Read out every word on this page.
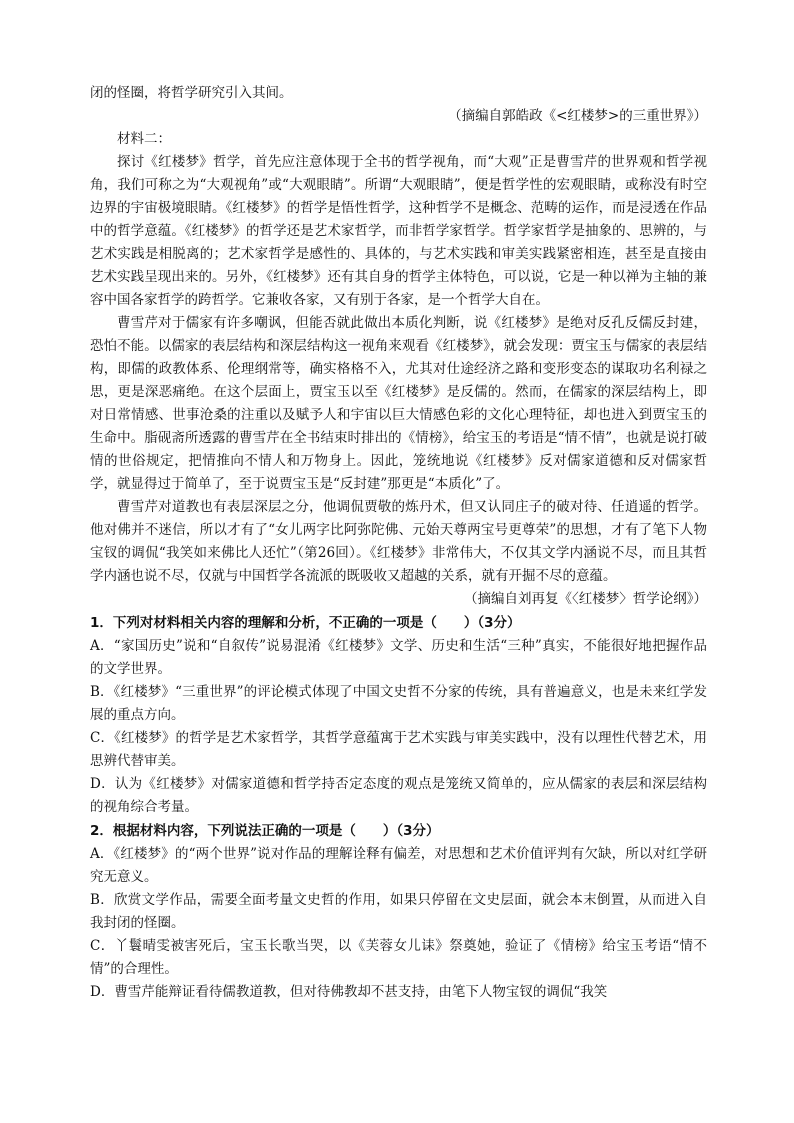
闭的怪圈，将哲学研究引入其间。

（摘编自郭皓政《<红楼梦>的三重世界》）

材料二：

探讨《红楼梦》哲学，首先应注意体现于全书的哲学视角，而“大观”正是曹雪芹的世界观和哲学视角，我们可称之为“大观视角”或“大观眼睛”。所谓“大观眼睛”，便是哲学性的宏观眼睛，或称没有时空边界的宇宙极境眼睛。《红楼梦》的哲学是悟性哲学，这种哲学不是概念、范畴的运作，而是浸透在作品中的哲学意蕴。《红楼梦》的哲学还是艺术家哲学，而非哲学家哲学。哲学家哲学是抽象的、思辨的，与艺术实践是相脱离的；艺术家哲学是感性的、具体的，与艺术实践和审美实践紧密相连，甚至是直接由艺术实践呈现出来的。另外，《红楼梦》还有其自身的哲学主体特色，可以说，它是一种以禅为主轴的兼容中国各家哲学的跨哲学。它兼收各家，又有别于各家，是一个哲学大自在。

曹雪芹对于儒家有许多嘲讽，但能否就此做出本质化判断，说《红楼梦》是绝对反孔反儒反封建，恐怕不能。以儒家的表层结构和深层结构这一视角来观看《红楼梦》，就会发现：贾宝玉与儒家的表层结构，即儒的政教体系、伦理纲常等，确实格格不入，尤其对仕途经济之路和变形变态的谋取功名利禄之思，更是深恶痛绝。在这个层面上，贾宝玉以至《红楼梦》是反儒的。然而，在儒家的深层结构上，即对日常情感、世事沧桑的注重以及赋予人和宇宙以巨大情感色彩的文化心理特征，却也进入到贾宝玉的生命中。脂砚斋所透露的曹雪芹在全书结束时排出的《情榜》，给宝玉的考语是“情不情”，也就是说打破情的世俗规定，把情推向不情人和万物身上。因此，笼统地说《红楼梦》反对儒家道德和反对儒家哲学，就显得过于简单了，至于说贾宝玉是“反封建”那更是“本质化”了。

曹雪芹对道教也有表层深层之分，他调侃贾敬的炼丹术，但又认同庄子的破对待、任逍遥的哲学。他对佛并不迷信，所以才有了“女儿两字比阿弥陀佛、元始天尊两宝号更尊荣”的思想，才有了笔下人物宝钗的调侃“我笑如来佛比人还忙”（第26回）。《红楼梦》非常伟大，不仅其文学内涵说不尽，而且其哲学内涵也说不尽，仅就与中国哲学各流派的既吸收又超越的关系，就有开掘不尽的意蕴。

（摘编自刘再复《〈红楼梦〉哲学论纲》）

1．下列对材料相关内容的理解和分析，不正确的一项是（　　）（3分）

A．“家国历史”说和“自叙传”说易混淆《红楼梦》文学、历史和生活“三种”真实，不能很好地把握作品的文学世界。

B．《红楼梦》“三重世界”的评论模式体现了中国文史哲不分家的传统，具有普遍意义，也是未来红学发展的重点方向。

C．《红楼梦》的哲学是艺术家哲学，其哲学意蕴寓于艺术实践与审美实践中，没有以理性代替艺术，用思辨代替审美。

D．认为《红楼梦》对儒家道德和哲学持否定态度的观点是笼统又简单的，应从儒家的表层和深层结构的视角综合考量。

2．根据材料内容，下列说法正确的一项是（　　）（3分）

A．《红楼梦》的“两个世界”说对作品的理解诠释有偏差，对思想和艺术价值评判有欠缺，所以对红学研究无意义。

B．欣赏文学作品，需要全面考量文史哲的作用，如果只停留在文史层面，就会本末倒置，从而进入自我封闭的怪圈。

C．丫鬟晴雯被害死后，宝玉长歌当哭，以《芙蓉女儿诔》祭奠她，验证了《情榜》给宝玉考语“情不情”的合理性。

D．曹雪芹能辩证看待儒教道教，但对待佛教却不甚支持，由笔下人物宝钗的调侃“我笑
